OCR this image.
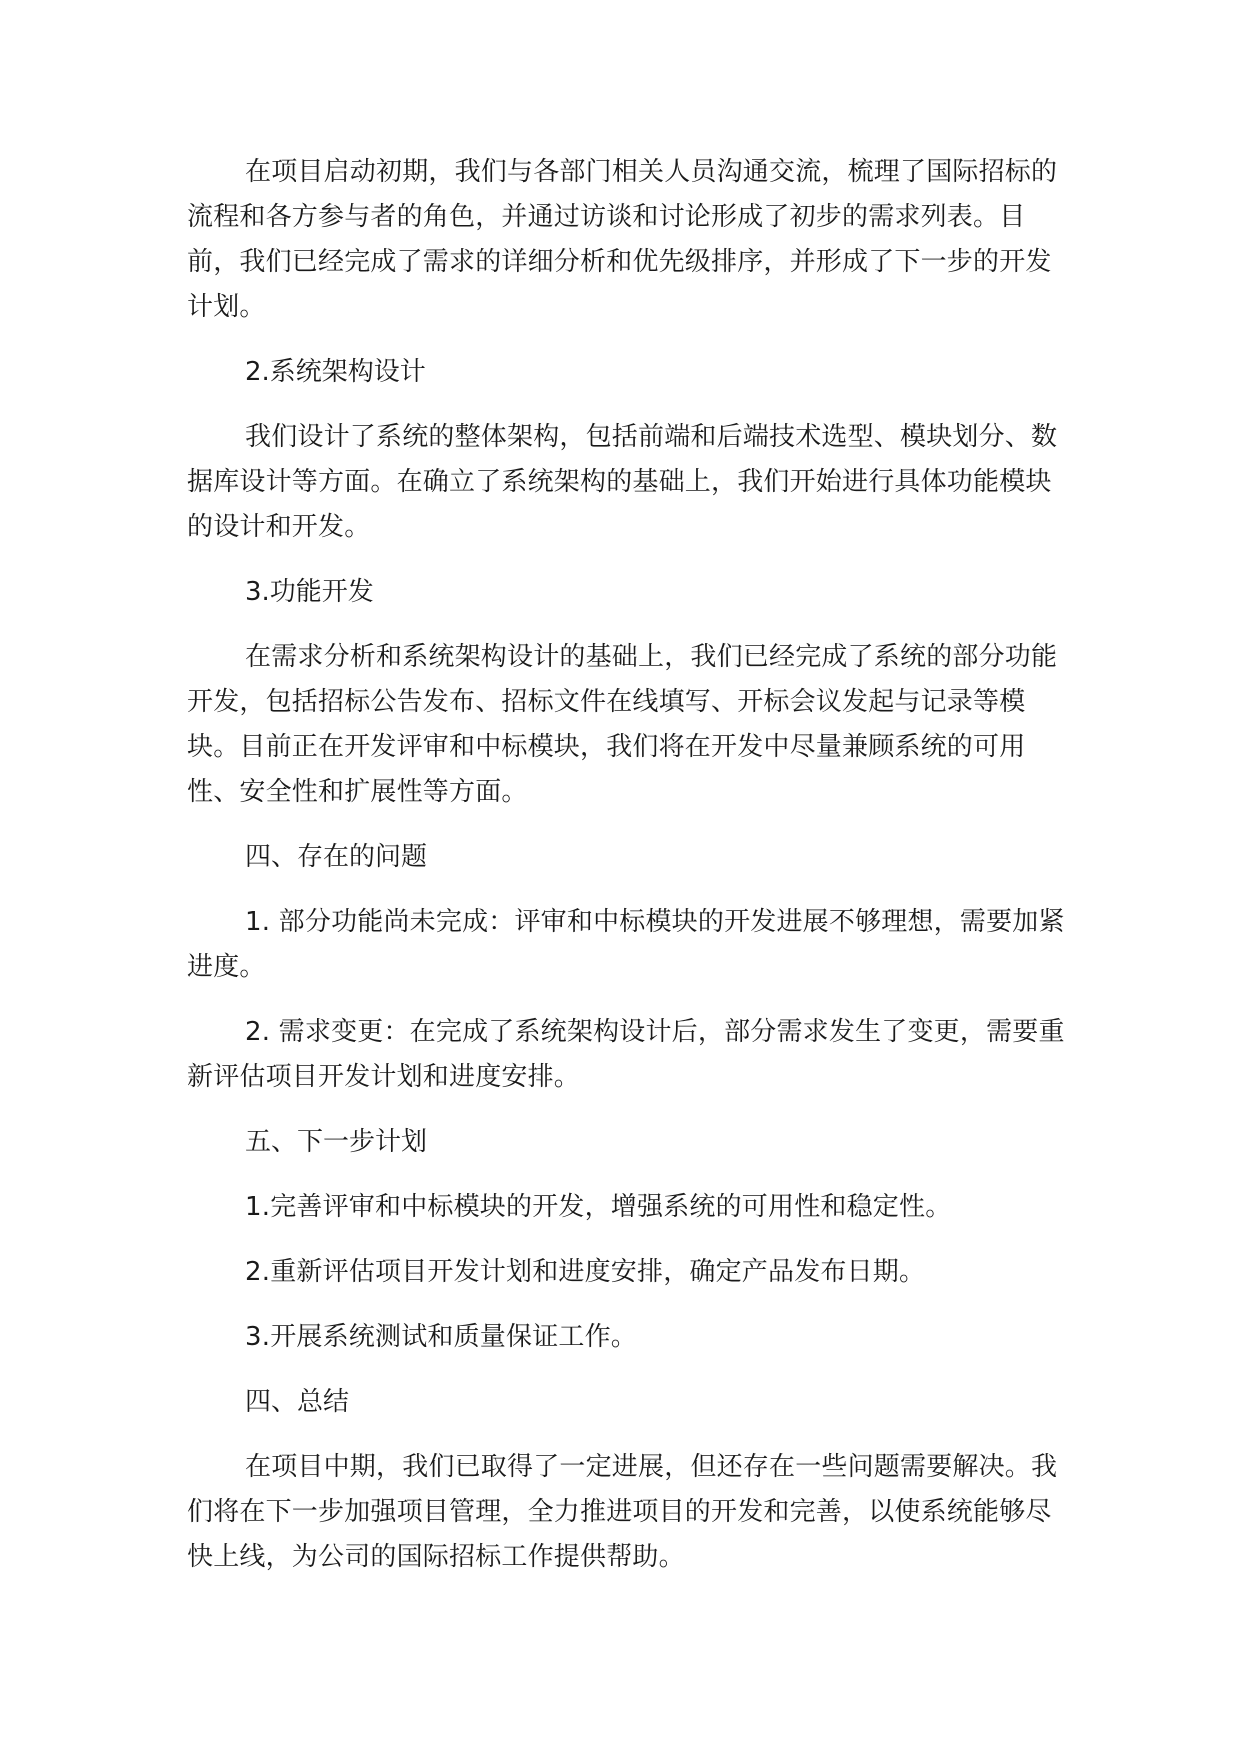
在项目启动初期，我们与各部门相关人员沟通交流，梳理了国际招标的流程和各方参与者的角色，并通过访谈和讨论形成了初步的需求列表。目前，我们已经完成了需求的详细分析和优先级排序，并形成了下一步的开发计划。

2.系统架构设计

我们设计了系统的整体架构，包括前端和后端技术选型、模块划分、数据库设计等方面。在确立了系统架构的基础上，我们开始进行具体功能模块的设计和开发。

3.功能开发

在需求分析和系统架构设计的基础上，我们已经完成了系统的部分功能开发，包括招标公告发布、招标文件在线填写、开标会议发起与记录等模块。目前正在开发评审和中标模块，我们将在开发中尽量兼顾系统的可用性、安全性和扩展性等方面。

四、存在的问题

1. 部分功能尚未完成：评审和中标模块的开发进展不够理想，需要加紧进度。

2. 需求变更：在完成了系统架构设计后，部分需求发生了变更，需要重新评估项目开发计划和进度安排。

五、下一步计划

1.完善评审和中标模块的开发，增强系统的可用性和稳定性。

2.重新评估项目开发计划和进度安排，确定产品发布日期。

3.开展系统测试和质量保证工作。

四、总结

在项目中期，我们已取得了一定进展，但还存在一些问题需要解决。我们将在下一步加强项目管理，全力推进项目的开发和完善，以使系统能够尽快上线，为公司的国际招标工作提供帮助。
